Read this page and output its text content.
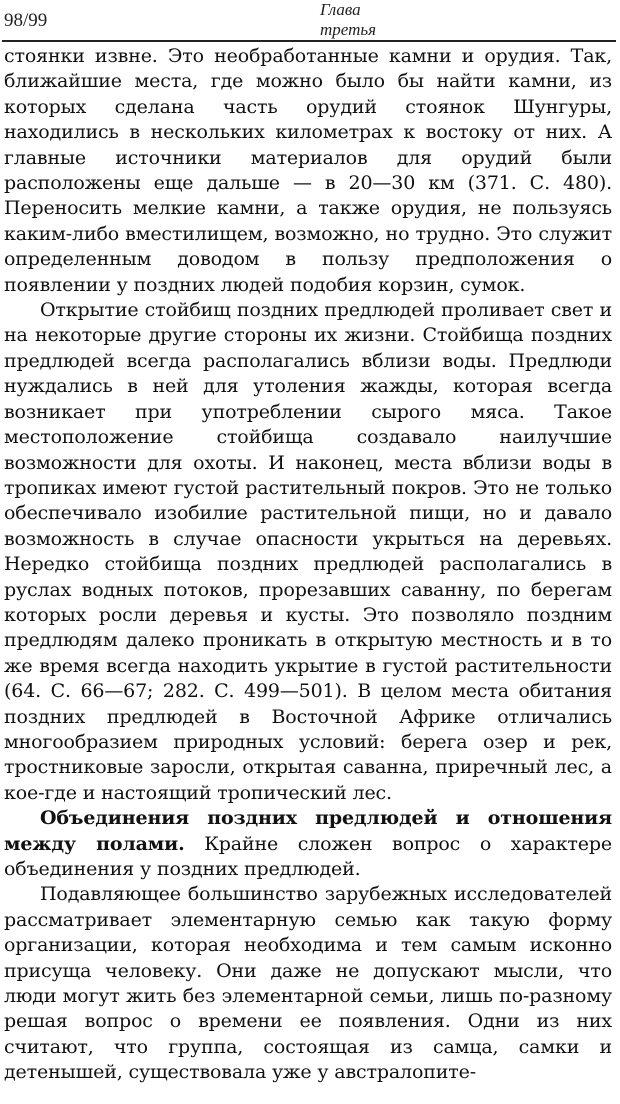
98/99
Глава
третья

стоянки извне. Это необработанные камни и орудия. Так, ближайшие места, где можно было бы найти камни, из которых сделана часть орудий стоянок Шунгуры, находились в нескольких километрах к востоку от них. А главные источники материалов для орудий были расположены еще дальше — в 20—30 км (371. С. 480). Переносить мелкие камни, а также орудия, не пользуясь каким-либо вместилищем, возможно, но трудно. Это служит определенным доводом в пользу предположения о появлении у поздних людей подобия корзин, сумок.

Открытие стойбищ поздних предлюдей проливает свет и на некоторые другие стороны их жизни. Стойбища поздних предлюдей всегда располагались вблизи воды. Предлюди нуждались в ней для утоления жажды, которая всегда возникает при употреблении сырого мяса. Такое местоположение стойбища создавало наилучшие возможности для охоты. И наконец, места вблизи воды в тропиках имеют густой растительный покров. Это не только обеспечивало изобилие растительной пищи, но и давало возможность в случае опасности укрыться на деревьях. Нередко стойбища поздних предлюдей располагались в руслах водных потоков, прорезавших саванну, по берегам которых росли деревья и кусты. Это позволяло поздним предлюдям далеко проникать в открытую местность и в то же время всегда находить укрытие в густой растительности (64. С. 66—67; 282. С. 499—501). В целом места обитания поздних предлюдей в Восточной Африке отличались многообразием природных условий: берега озер и рек, тростниковые заросли, открытая саванна, приречный лес, а кое-где и настоящий тропический лес.

Объединения поздних предлюдей и отношения между полами. Крайне сложен вопрос о характере объединения у поздних предлюдей.

Подавляющее большинство зарубежных исследователей рассматривает элементарную семью как такую форму организации, которая необходима и тем самым исконно присуща человеку. Они даже не допускают мысли, что люди могут жить без элементарной семьи, лишь по-разному решая вопрос о времени ее появления. Одни из них считают, что группа, состоящая из самца, самки и детенышей, существовала уже у австралопите-
